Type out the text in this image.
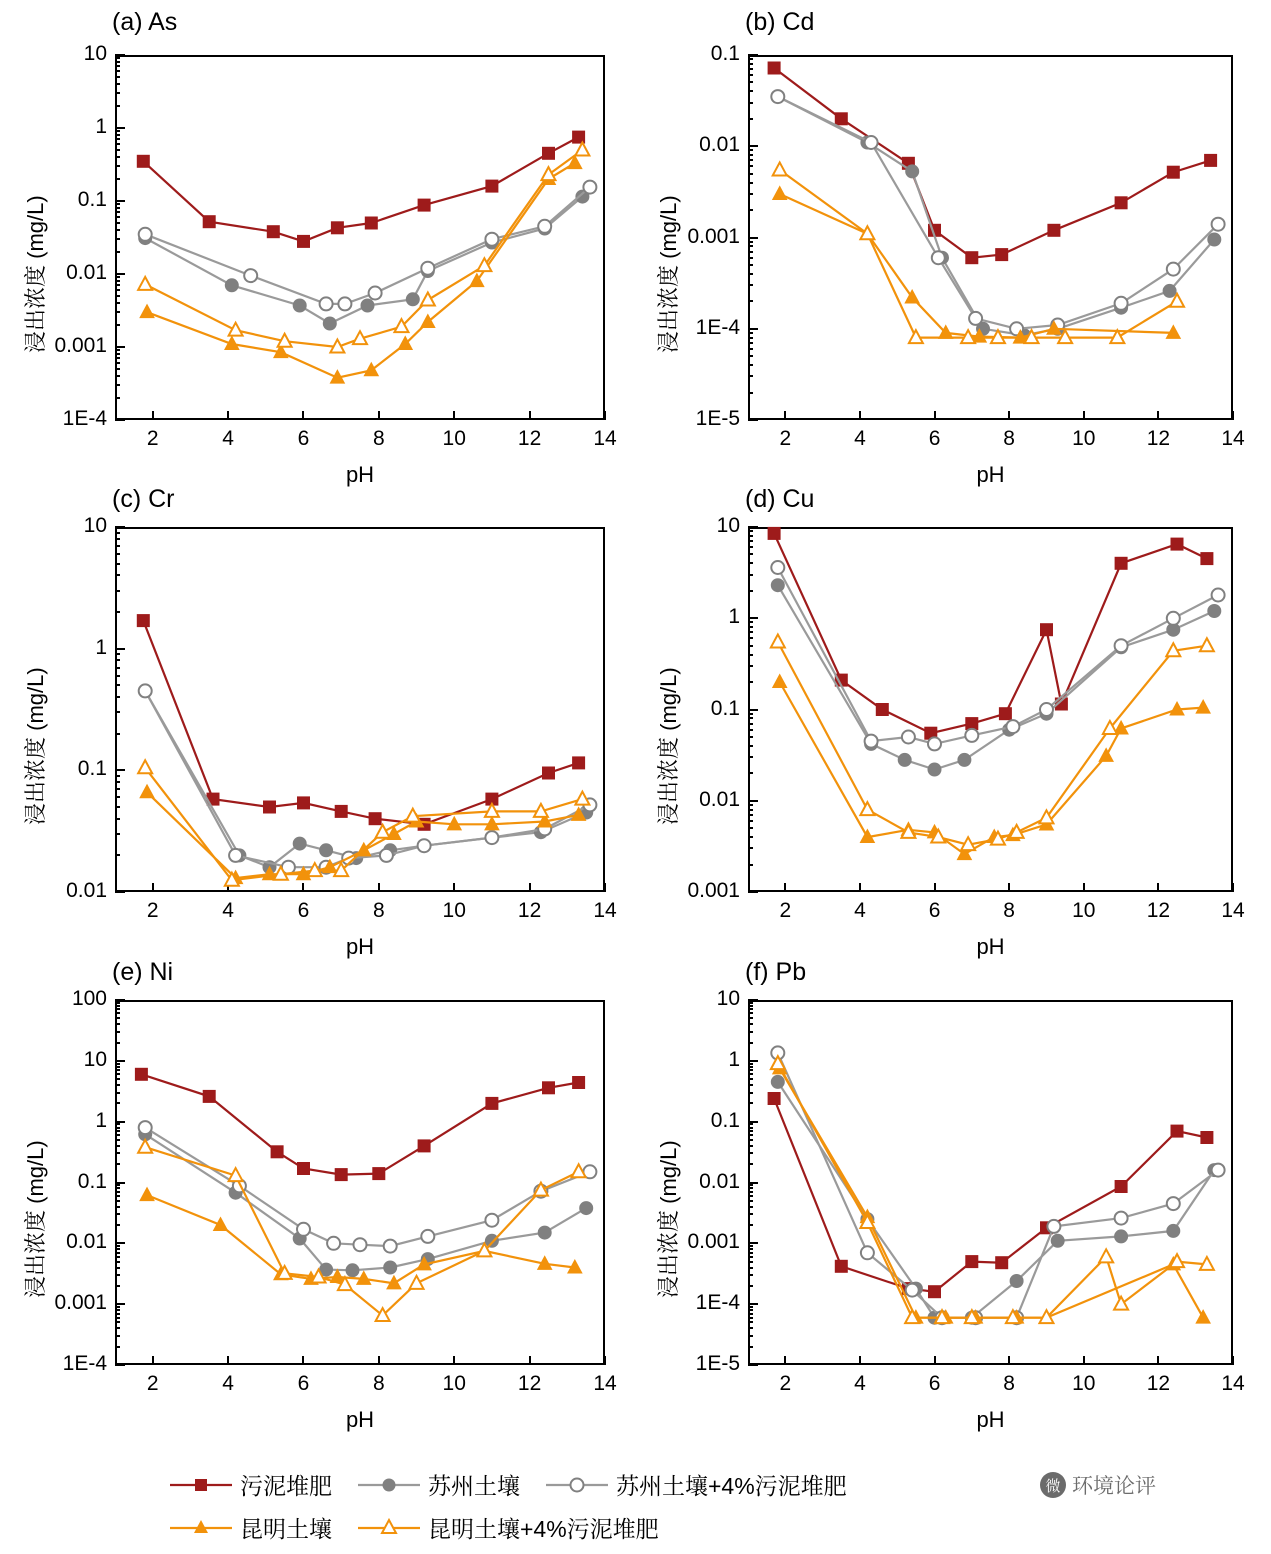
(a) As	(b) Cd
(c) Cr	(d) Cu
(e) Ni	(f) Pb
浸出浓度 (mg/L)
pH
2	4	6	8	10	12	14
1E-4
0.001
0.01
0.1
1
10
浸出浓度 (mg/L)
pH
2	4	6	8	10	12	14
1E-5
1E-4
0.001
0.01
0.1
浸出浓度 (mg/L)
pH
2	4	6	8	10	12	14
0.01
0.1
1
10
浸出浓度 (mg/L)
pH
2	4	6	8	10	12	14
0.001
0.01
0.1
1
10
浸出浓度 (mg/L)
pH
2	4	6	8	10	12	14
1E-4
0.001
0.01
0.1
1
10
100
浸出浓度 (mg/L)
pH
2	4	6	8	10	12	14
1E-5
1E-4
0.001
0.01
0.1
1
10
污泥堆肥	苏州土壤	苏州土壤+4%污泥堆肥
昆明土壤	昆明土壤+4%污泥堆肥
微 环境论评
